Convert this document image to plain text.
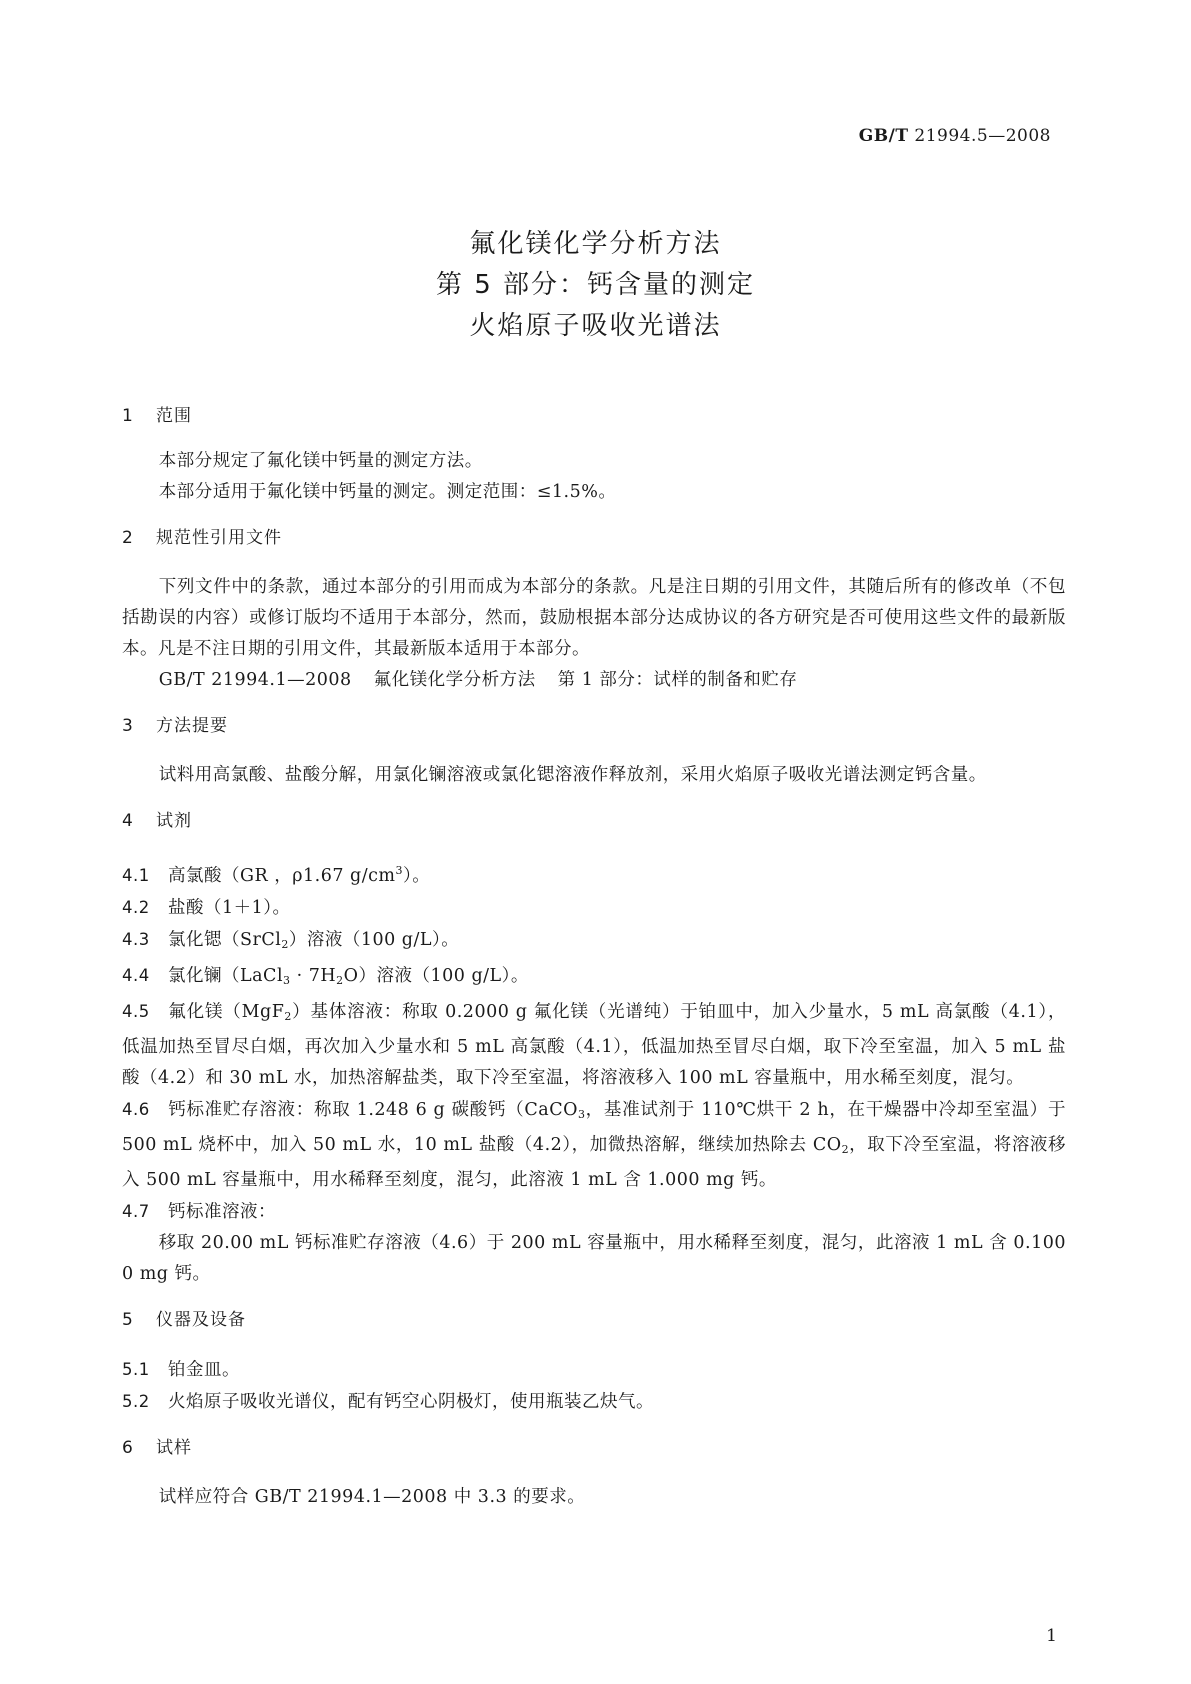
GB/T 21994.5—2008
氟化镁化学分析方法
第 5 部分：钙含量的测定
火焰原子吸收光谱法
1 范围

本部分规定了氟化镁中钙量的测定方法。

本部分适用于氟化镁中钙量的测定。测定范围：≤1.5%。

2 规范性引用文件

下列文件中的条款，通过本部分的引用而成为本部分的条款。凡是注日期的引用文件，其随后所有的修改单（不包括勘误的内容）或修订版均不适用于本部分，然而，鼓励根据本部分达成协议的各方研究是否可使用这些文件的最新版本。凡是不注日期的引用文件，其最新版本适用于本部分。

GB/T 21994.1—2008 氟化镁化学分析方法 第 1 部分：试样的制备和贮存

3 方法提要

试料用高氯酸、盐酸分解，用氯化镧溶液或氯化锶溶液作释放剂，采用火焰原子吸收光谱法测定钙含量。

4 试剂

4.1 高氯酸（GR ，ρ1.67 $g/cm^3$）。

4.2 盐酸（1＋1）。

4.3 氯化锶（SrCl$_2$）溶液（100 g/L）。

4.4 氯化镧（LaCl$_3$ · $7H_2O$）溶液（100 g/L）。

4.5 氟化镁（MgF$_2$）基体溶液：称取 0.2000 g 氟化镁（光谱纯）于铂皿中，加入少量水，5 mL 高氯酸（4.1），低温加热至冒尽白烟，再次加入少量水和 5 mL 高氯酸（4.1），低温加热至冒尽白烟，取下冷至室温，加入 5 mL 盐酸（4.2）和 30 mL 水，加热溶解盐类，取下冷至室温，将溶液移入 100 mL 容量瓶中，用水稀至刻度，混匀。

4.6 钙标准贮存溶液：称取 1.248 6 g 碳酸钙（CaCO$_3$，基准试剂于 110℃烘干 2 h，在干燥器中冷却至室温）于 500 mL 烧杯中，加入 50 mL 水，10 mL 盐酸（4.2），加微热溶解，继续加热除去 $CO_2$，取下冷至室温，将溶液移入 500 mL 容量瓶中，用水稀释至刻度，混匀，此溶液 1 mL 含 1.000 mg 钙。

4.7 钙标准溶液：

移取 20.00 mL 钙标准贮存溶液（4.6）于 200 mL 容量瓶中，用水稀释至刻度，混匀，此溶液 1 mL 含 0.100 0 mg 钙。

5 仪器及设备

5.1 铂金皿。

5.2 火焰原子吸收光谱仪，配有钙空心阴极灯，使用瓶装乙炔气。

6 试样

试样应符合 GB/T 21994.1—2008 中 3.3 的要求。

1
